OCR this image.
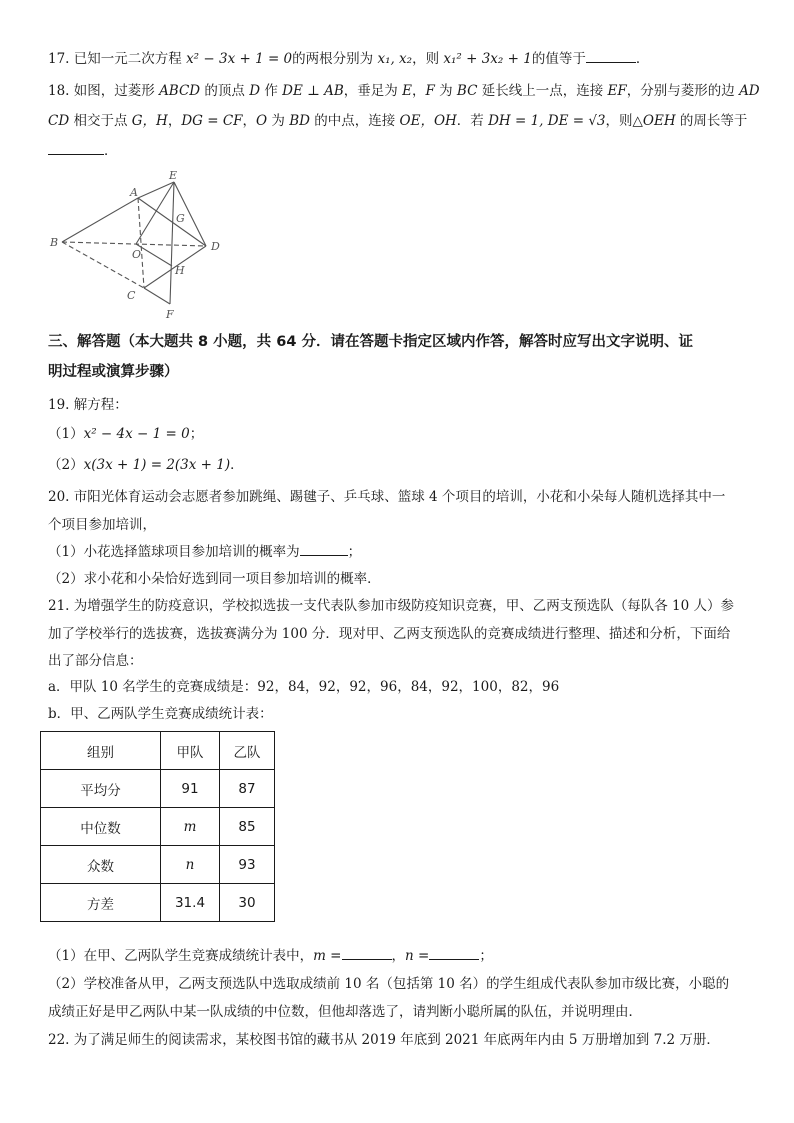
17. 已知一元二次方程 x² − 3x + 1 = 0的两根分别为 x₁, x₂，则 x₁² + 3x₂ + 1的值等于	．
18. 如图，过菱形 ABCD 的顶点 D 作 DE ⊥ AB，垂足为 E，F 为 BC 延长线上一点，连接 EF，分别与菱形的边 AD
CD 相交于点 G，H，DG = CF，O 为 BD 的中点，连接 OE，OH．若 DH = 1, DE = √3，则△OEH 的周长等于
．
B
A
E
G
D
O
H
C
F
三、解答题（本大题共 8 小题，共 64 分．请在答题卡指定区域内作答，解答时应写出文字说明、证
明过程或演算步骤）
19. 解方程：
（1）x² − 4x − 1 = 0；
（2）x(3x + 1) = 2(3x + 1)．
20. 市阳光体育运动会志愿者参加跳绳、踢毽子、乒乓球、篮球 4 个项目的培训，小花和小朵每人随机选择其中一
个项目参加培训，
（1）小花选择篮球项目参加培训的概率为	；
（2）求小花和小朵恰好选到同一项目参加培训的概率．
21. 为增强学生的防疫意识，学校拟选拔一支代表队参加市级防疫知识竞赛，甲、乙两支预选队（每队各 10 人）参
加了学校举行的选拔赛，选拔赛满分为 100 分．现对甲、乙两支预选队的竞赛成绩进行整理、描述和分析，下面给
出了部分信息：
a．甲队 10 名学生的竞赛成绩是：92，84，92，92，96，84，92，100，82，96
b．甲、乙两队学生竞赛成绩统计表：
组别	甲队	乙队
平均分	91	87
中位数	m	85
众数	n	93
方差	31.4	30
（1）在甲、乙两队学生竞赛成绩统计表中，m =	，n =	；
（2）学校准备从甲，乙两支预选队中选取成绩前 10 名（包括第 10 名）的学生组成代表队参加市级比赛，小聪的
成绩正好是甲乙两队中某一队成绩的中位数，但他却落选了，请判断小聪所属的队伍，并说明理由．
22. 为了满足师生的阅读需求，某校图书馆的藏书从 2019 年底到 2021 年底两年内由 5 万册增加到 7.2 万册．
